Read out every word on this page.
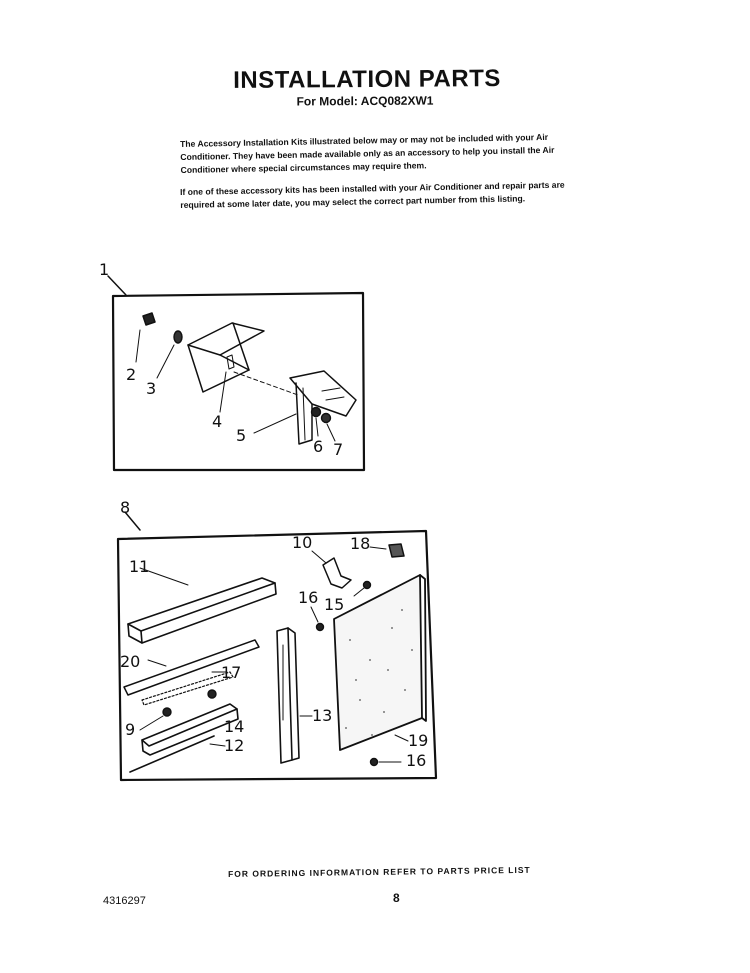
INSTALLATION PARTS
For Model: ACQ082XW1
The Accessory Installation Kits illustrated below may or may not be included with your Air Conditioner. They have been made available only as an accessory to help you install the Air Conditioner where special circumstances may require them.
If one of these accessory kits has been installed with your Air Conditioner and repair parts are required at some later date, you may select the correct part number from this listing.
1
2
3
4
5
6 7
8
10 18
11
16 15
20
17
9	14
12
13
19
16
FOR ORDERING INFORMATION REFER TO PARTS PRICE LIST
4316297	8
